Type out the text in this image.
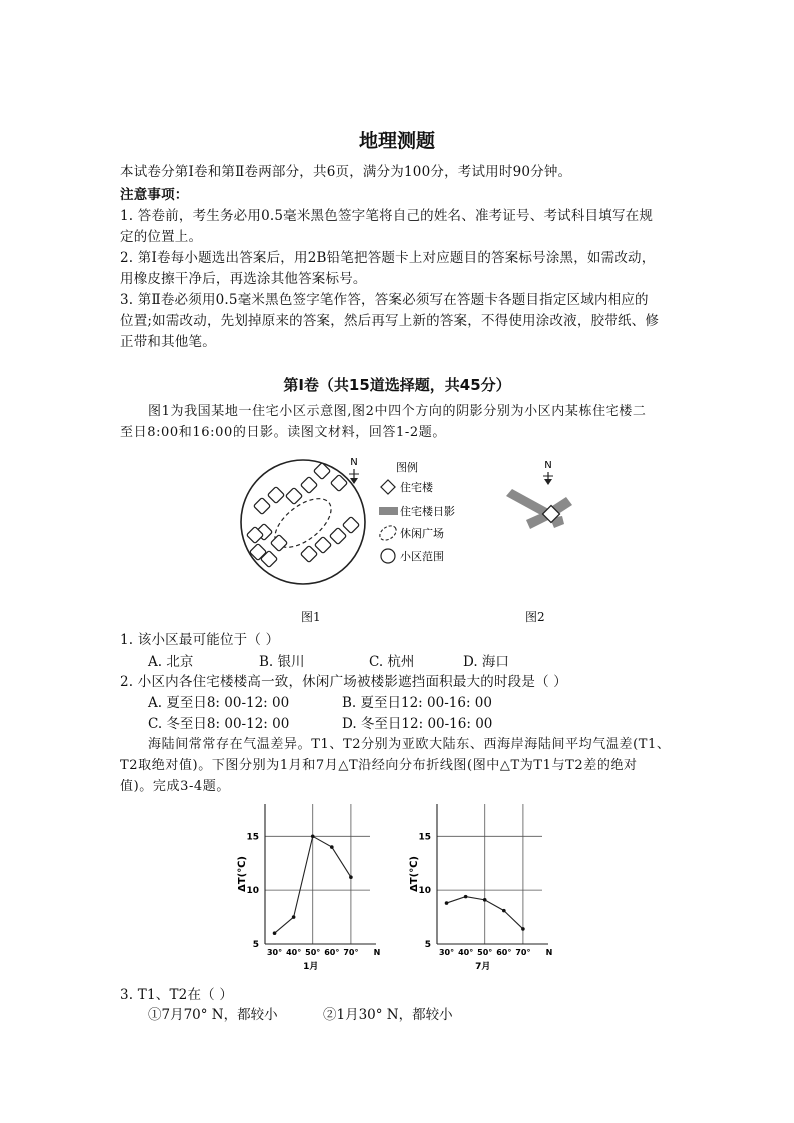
地理测题
本试卷分第Ⅰ卷和第Ⅱ卷两部分，共6页，满分为100分，考试用时90分钟。
注意事项：
1. 答卷前，考生务必用0.5毫米黑色签字笔将自己的姓名、准考证号、考试科目填写在规
定的位置上。
2. 第Ⅰ卷每小题选出答案后，用2B铅笔把答题卡上对应题目的答案标号涂黑，如需改动，
用橡皮擦干净后，再选涂其他答案标号。
3. 第Ⅱ卷必须用0.5毫米黑色签字笔作答，答案必须写在答题卡各题目指定区域内相应的
位置;如需改动，先划掉原来的答案，然后再写上新的答案，不得使用涂改液，胶带纸、修
正带和其他笔。
第Ⅰ卷（共15道选择题，共45分）
图1为我国某地一住宅小区示意图,图2中四个方向的阴影分别为小区内某栋住宅楼二
至日8:00和16:00的日影。读图文材料，回答1-2题。
N	图例
住宅楼
住宅楼日影
休闲广场
小区范围
N
图1	图2
1. 该小区最可能位于（ ）
A. 北京	B. 银川	C. 杭州	D. 海口
2. 小区内各住宅楼楼高一致，休闲广场被楼影遮挡面积最大的时段是（ ）
A. 夏至日8: 00-12: 00	B. 夏至日12: 00-16: 00
C. 冬至日8: 00-12: 00	D. 冬至日12: 00-16: 00
海陆间常常存在气温差异。T1、T2分别为亚欧大陆东、西海岸海陆间平均气温差(T1、
T2取绝对值)。下图分别为1月和7月△T沿经向分布折线图(图中△T为T1与T2差的绝对
值)。完成3-4题。
5
10
15
30° 40° 50° 60° 70° N
ΔT(℃)
1月
5
10
15
30° 40° 50° 60° 70° N
ΔT(℃)
7月
3. T1、T2在（ ）
①7月70° N，都较小	②1月30° N，都较小
